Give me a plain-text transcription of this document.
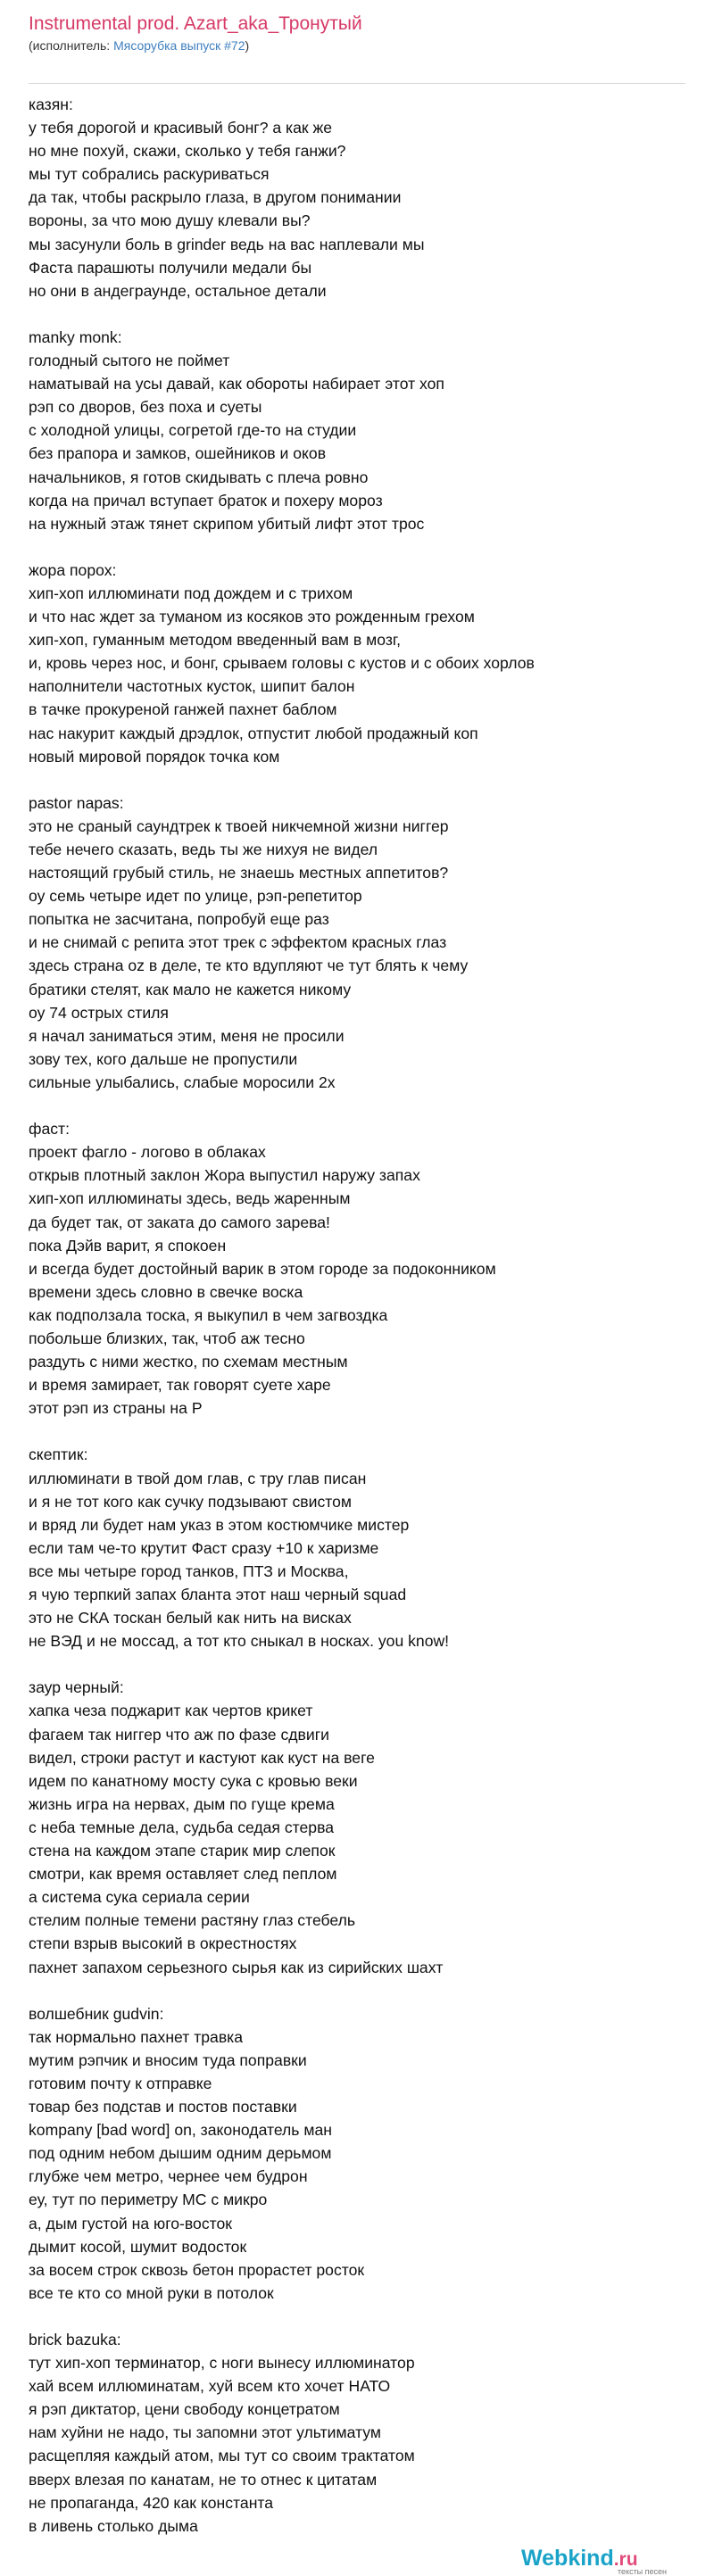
Instrumental prod. Azart_aka_Тронутый
(исполнитель: Мясорубка выпуск #72)
казян:
у тебя дорогой и красивый бонг? а как же
но мне похуй, скажи, сколько у тебя ганжи?
мы тут собрались раскуриваться
да так, чтобы раскрыло глаза, в другом понимании
вороны, за что мою душу клевали вы?
мы засунули боль в grinder ведь на вас наплевали мы
Фаста парашюты получили медали бы
но они в андеграунде, остальное детали
manky monk:
голодный сытого не поймет
наматывай на усы давай, как обороты набирает этот хоп
рэп со дворов, без поха и суеты
с холодной улицы, согретой где-то на студии
без прапора и замков, ошейников и оков
начальников, я готов скидывать с плеча ровно
когда на причал вступает браток и похеру мороз
на нужный этаж тянет скрипом убитый лифт этот трос
жора порох:
хип-хоп иллюминати под дождем и с трихом
и что нас ждет за туманом из косяков это рожденным грехом
хип-хоп, гуманным методом введенный вам в мозг,
и, кровь через нос, и бонг, срываем головы с кустов и с обоих хорлов
наполнители частотных кусток, шипит балон
в тачке прокуреной ганжей пахнет баблом
нас накурит каждый дрэдлок, отпустит любой продажный коп
новый мировой порядок точка ком
pastor napas:
это не сраный саундтрек к твоей никчемной жизни ниггер
тебе нечего сказать, ведь ты же нихуя не видел
настоящий грубый стиль, не знаешь местных аппетитов?
оу семь четыре идет по улице, рэп-репетитор
попытка не засчитана, попробуй еще раз
и не снимай с репита этот трек с эффектом красных глаз
здесь страна oz в деле, те кто вдупляют че тут блять к чему
братики стелят, как мало не кажется никому
оу 74 острых стиля
я начал заниматься этим, меня не просили
зову тех, кого дальше не пропустили
сильные улыбались, слабые моросили 2х
фаст:
проект фагло - логово в облаках
открыв плотный заклон Жора выпустил наружу запах
хип-хоп иллюминаты здесь, ведь жаренным
да будет так, от заката до самого зарева!
пока Дэйв варит, я спокоен
и всегда будет достойный варик в этом городе за подоконником
времени здесь словно в свечке воска
как подползала тоска, я выкупил в чем загвоздка
побольше близких, так, чтоб аж тесно
раздуть с ними жестко, по схемам местным
и время замирает, так говорят суете харе
этот рэп из страны на Р
скептик:
иллюминати в твой дом глав, с тру глав писан
и я не тот кого как сучку подзывают свистом
и вряд ли будет нам указ в этом костюмчике мистер
если там че-то крутит Фаст сразу +10 к харизме
все мы четыре город танков, ПТЗ и Москва,
я чую терпкий запах бланта этот наш черный squad
это не СКА тоскан белый как нить на висках
не ВЭД и не моссад, а тот кто сныкал в носках. you know!
заур черный:
хапка чеза поджарит как чертов крикет
фагаем так ниггер что аж по фазе сдвиги
видел, строки растут и кастуют как куст на веге
идем по канатному мосту сука с кровью веки
жизнь игра на нервах, дым по гуще крема
с неба темные дела, судьба седая стерва
стена на каждом этапе старик мир слепок
смотри, как время оставляет след пеплом
а система сука сериала серии
стелим полные темени растяну глаз стебель
степи взрыв высокий в окрестностях
пахнет запахом серьезного сырья как из сирийских шахт
волшебник gudvin:
так нормально пахнет травка
мутим рэпчик и вносим туда поправки
готовим почту к отправке
товар без подстав и постов поставки
kompany [bad word] on, законодатель ман
под одним небом дышим одним дерьмом
глубже чем метро, чернее чем будрон
еу, тут по периметру МС с микро
а, дым густой на юго-восток
дымит косой, шумит водосток
за восем строк сквозь бетон прорастет росток
все те кто со мной руки в потолок
brick bazuka:
тут хип-хоп терминатор, с ноги вынесу иллюминатор
хай всем иллюминатам, хуй всем кто хочет НАТО
я рэп диктатор, цени свободу концетратом
нам хуйни не надо, ты запомни этот ультиматум
расщепляя каждый атом, мы тут со своим трактатом
вверх влезая по канатам, не то отнес к цитатам
не пропаганда, 420 как константа
в ливень столько дыма
Webkind.ru
тексты песен
